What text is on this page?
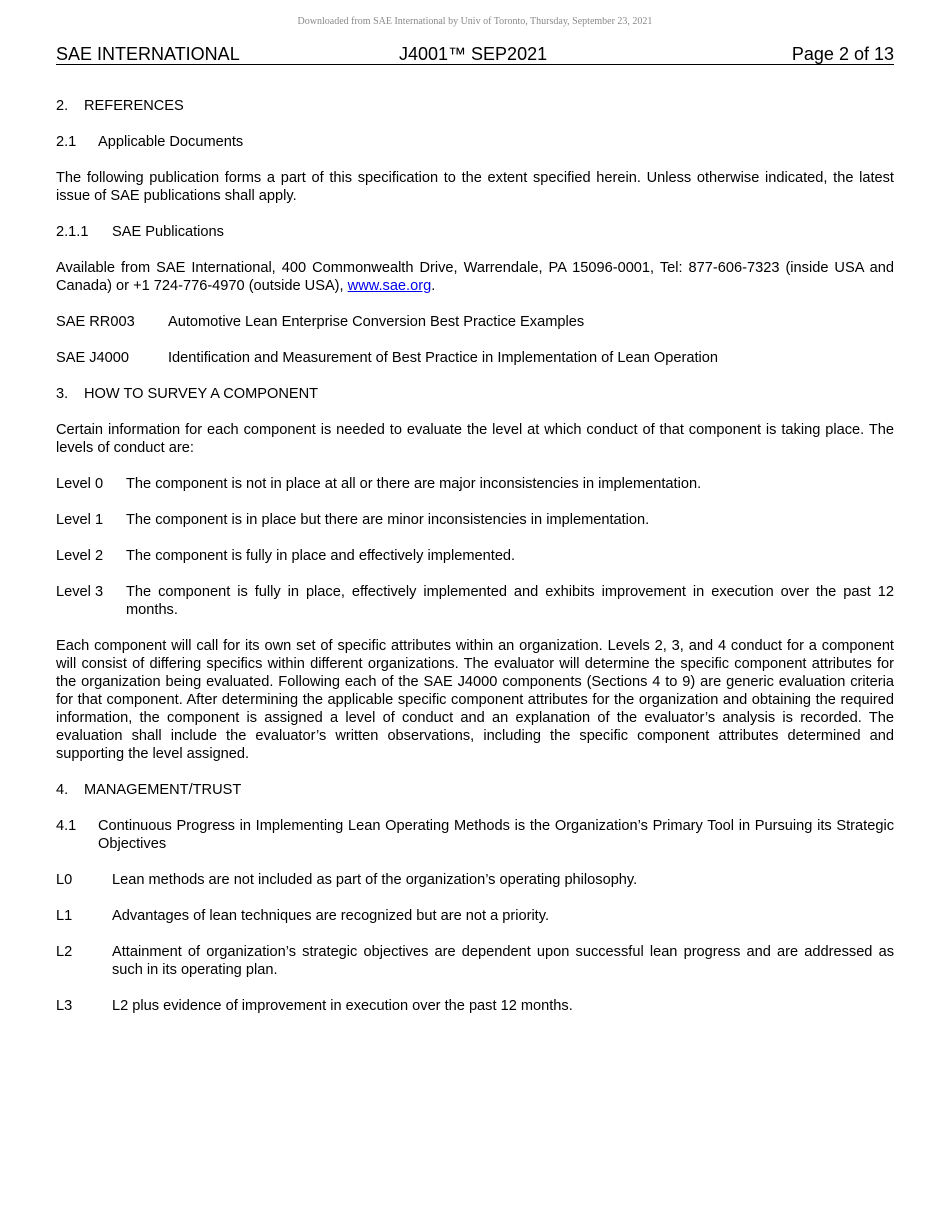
Downloaded from SAE International by Univ of Toronto, Thursday, September 23, 2021
SAE INTERNATIONAL	J4001™ SEP2021	Page 2 of 13
2.	REFERENCES
2.1	Applicable Documents

The following publication forms a part of this specification to the extent specified herein. Unless otherwise indicated, the latest issue of SAE publications shall apply.

2.1.1	SAE Publications

Available from SAE International, 400 Commonwealth Drive, Warrendale, PA 15096-0001, Tel: 877-606-7323 (inside USA and Canada) or +1 724-776-4970 (outside USA), www.sae.org.

SAE RR003	Automotive Lean Enterprise Conversion Best Practice Examples
SAE J4000	Identification and Measurement of Best Practice in Implementation of Lean Operation
3.	HOW TO SURVEY A COMPONENT

Certain information for each component is needed to evaluate the level at which conduct of that component is taking place. The levels of conduct are:

Level 0	The component is not in place at all or there are major inconsistencies in implementation.
Level 1	The component is in place but there are minor inconsistencies in implementation.
Level 2	The component is fully in place and effectively implemented.
Level 3	The component is fully in place, effectively implemented and exhibits improvement in execution over the past 12 months.

Each component will call for its own set of specific attributes within an organization. Levels 2, 3, and 4 conduct for a component will consist of differing specifics within different organizations. The evaluator will determine the specific component attributes for the organization being evaluated. Following each of the SAE J4000 components (Sections 4 to 9) are generic evaluation criteria for that component. After determining the applicable specific component attributes for the organization and obtaining the required information, the component is assigned a level of conduct and an explanation of the evaluator’s analysis is recorded. The evaluation shall include the evaluator’s written observations, including the specific component attributes determined and supporting the level assigned.

4.	MANAGEMENT/TRUST
4.1	Continuous Progress in Implementing Lean Operating Methods is the Organization’s Primary Tool in Pursuing its Strategic Objectives
L0	Lean methods are not included as part of the organization’s operating philosophy.
L1	Advantages of lean techniques are recognized but are not a priority.
L2	Attainment of organization’s strategic objectives are dependent upon successful lean progress and are addressed as such in its operating plan.
L3	L2 plus evidence of improvement in execution over the past 12 months.
